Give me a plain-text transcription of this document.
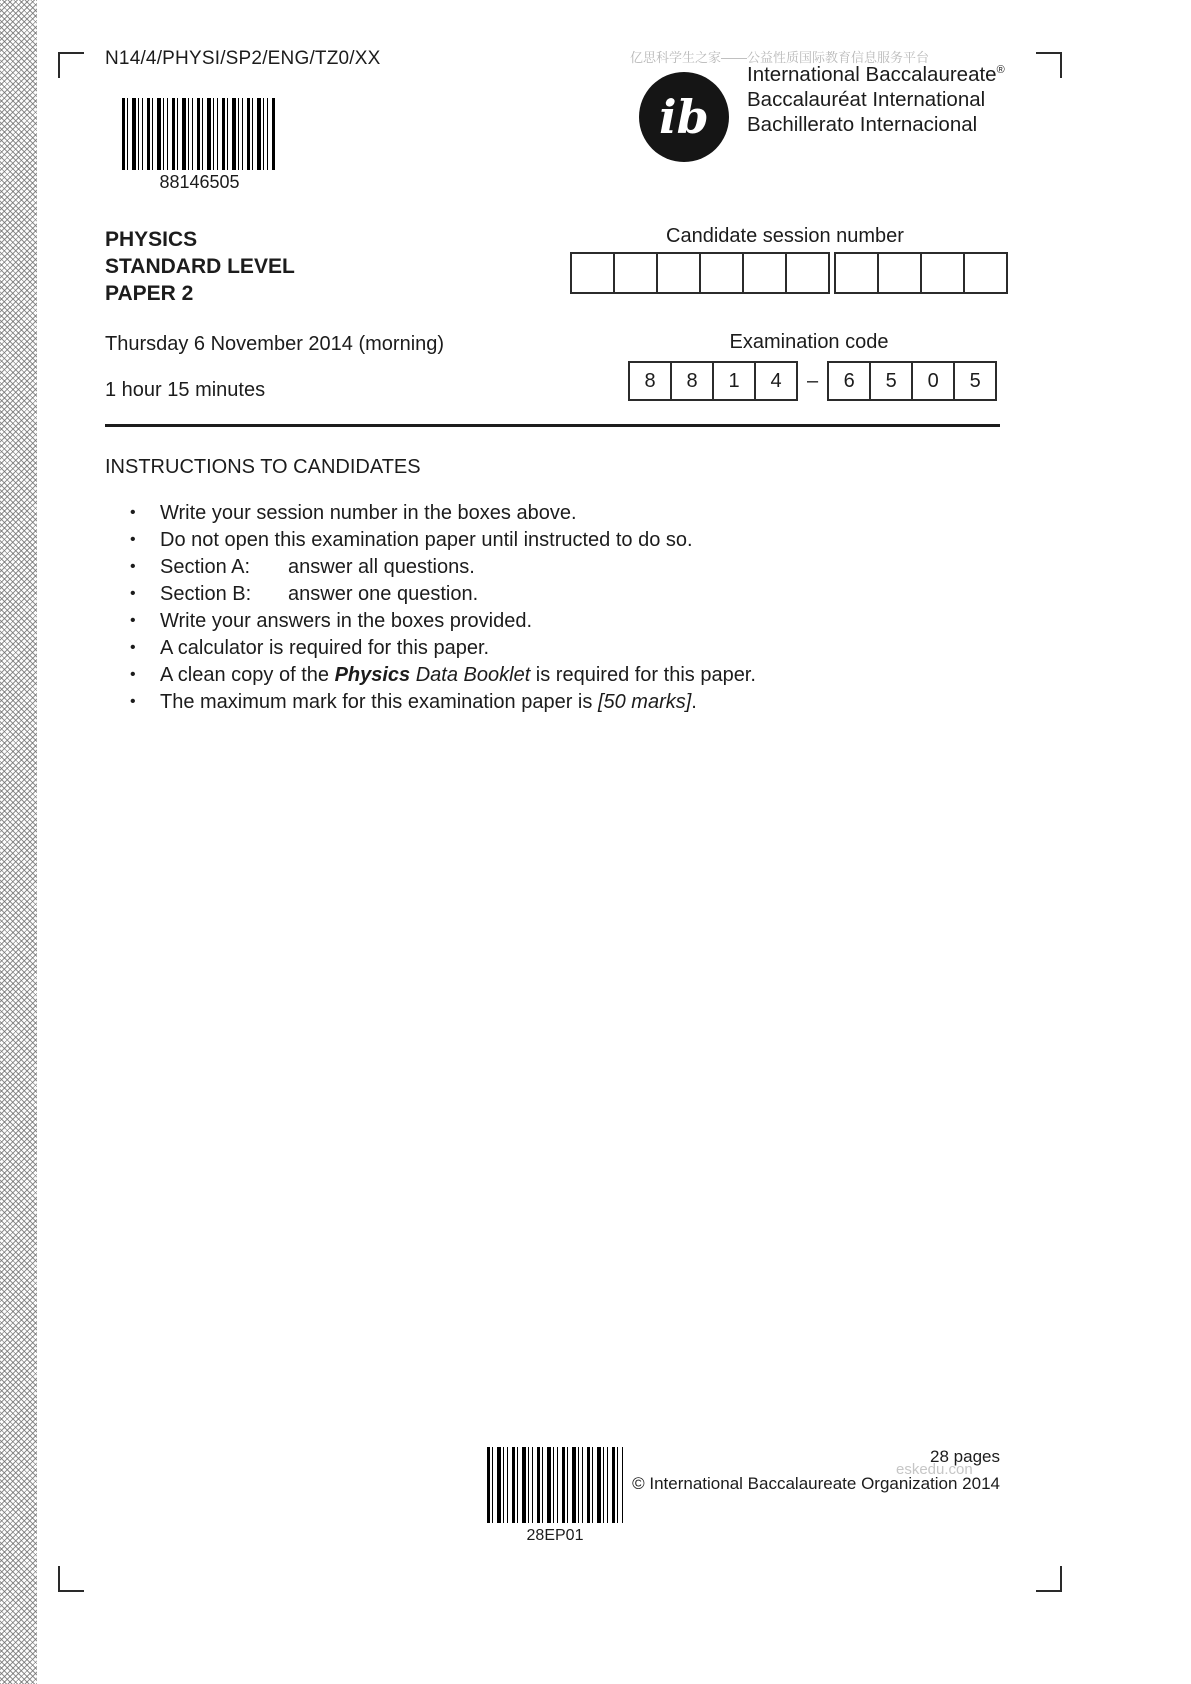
N14/4/PHYSI/SP2/ENG/TZ0/XX
88146505
亿思科学生之家——公益性质国际教育信息服务平台
ib
International Baccalaureate®
Baccalauréat International
Bachillerato Internacional
PHYSICS
STANDARD LEVEL
PAPER 2
Candidate session number
Thursday 6 November 2014 (morning)
1 hour 15 minutes
Examination code
8	8	1	4	–	6	5	0	5
INSTRUCTIONS TO CANDIDATES
• Write your session number in the boxes above.
• Do not open this examination paper until instructed to do so.
• Section A: answer all questions.
• Section B: answer one question.
• Write your answers in the boxes provided.
• A calculator is required for this paper.
• A clean copy of the Physics Data Booklet is required for this paper.
• The maximum mark for this examination paper is [50 marks].
28EP01
28 pages
© International Baccalaureate Organization 2014
eskedu.con
